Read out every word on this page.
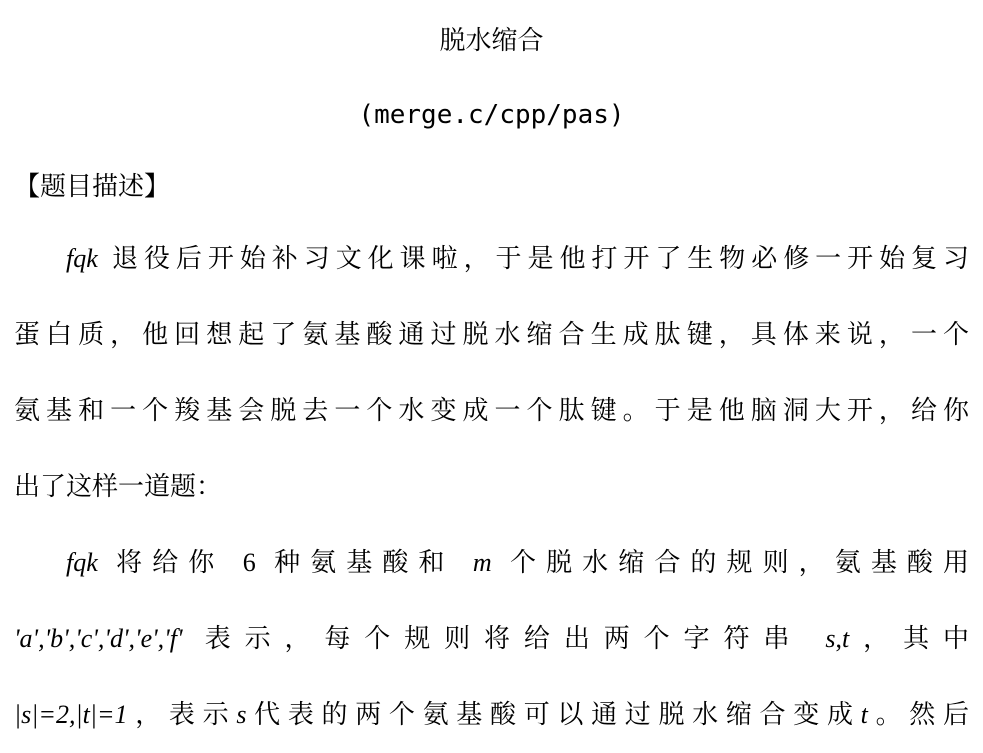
脱水缩合
(merge.c/cpp/pas)
【题目描述】
fqk 退役后开始补习文化课啦，于是他打开了生物必修一开始复习
蛋白质，他回想起了氨基酸通过脱水缩合生成肽键，具体来说，一个
氨基和一个羧基会脱去一个水变成一个肽键。于是他脑洞大开，给你
出了这样一道题：
fqk 将给你 6 种氨基酸和 m 个脱水缩合的规则，氨基酸用
'a','b','c','d','e','f' 表示，每个规则将给出两个字符串 s,t，其中
|s|=2,|t|=1，表示s代表的两个氨基酸可以通过脱水缩合变成t。然后
